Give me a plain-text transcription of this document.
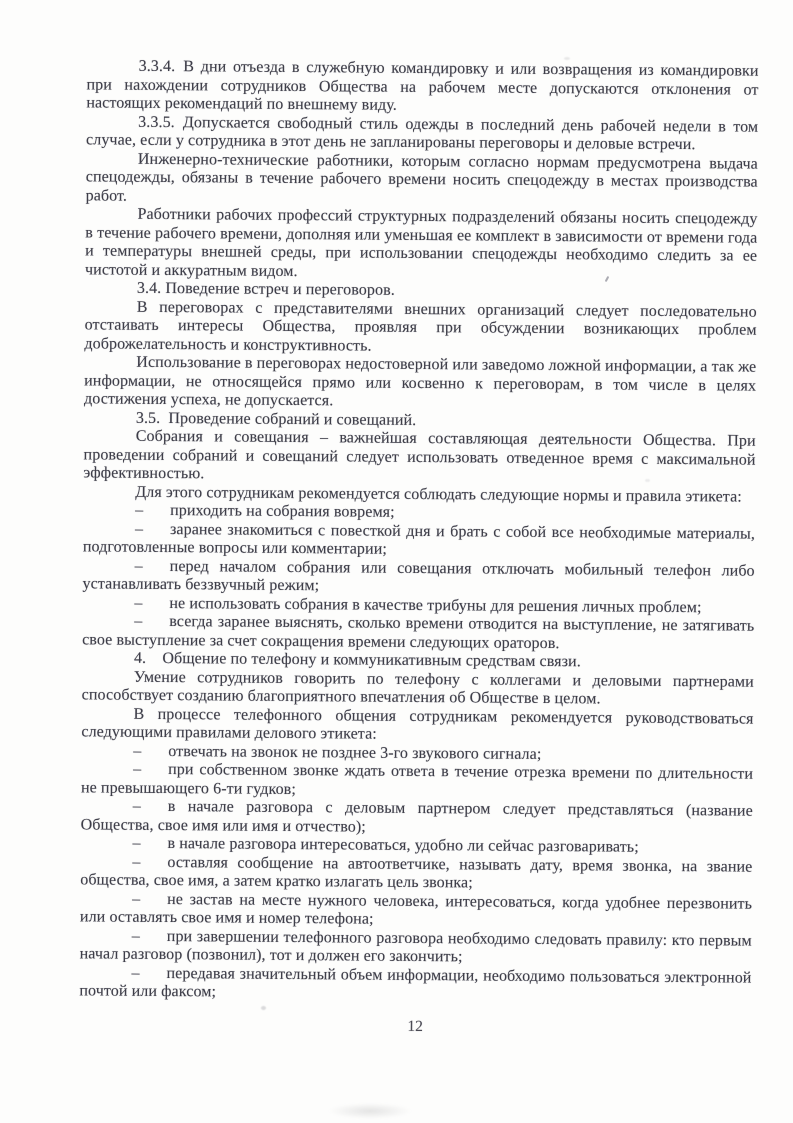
3.3.4. В дни отъезда в служебную командировку и или возвращения из командировки при нахождении сотрудников Общества на рабочем месте допускаются отклонения от настоящих рекомендаций по внешнему виду.

3.3.5. Допускается свободный стиль одежды в последний день рабочей недели в том случае, если у сотрудника в этот день не запланированы переговоры и деловые встречи.

Инженерно-технические работники, которым согласно нормам предусмотрена выдача спецодежды, обязаны в течение рабочего времени носить спецодежду в местах производства работ.

Работники рабочих профессий структурных подразделений обязаны носить спецодежду в течение рабочего времени, дополняя или уменьшая ее комплект в зависимости от времени года и температуры внешней среды, при использовании спецодежды необходимо следить за ее чистотой и аккуратным видом.

3.4. Поведение встреч и переговоров.

В переговорах с представителями внешних организаций следует последовательно отстаивать интересы Общества, проявляя при обсуждении возникающих проблем доброжелательность и конструктивность.

Использование в переговорах недостоверной или заведомо ложной информации, а так же информации, не относящейся прямо или косвенно к переговорам, в том числе в целях достижения успеха, не допускается.

3.5. Проведение собраний и совещаний.

Собрания и совещания – важнейшая составляющая деятельности Общества. При проведении собраний и совещаний следует использовать отведенное время с максимальной эффективностью.

Для этого сотрудникам рекомендуется соблюдать следующие нормы и правила этикета:

– приходить на собрания вовремя;

– заранее знакомиться с повесткой дня и брать с собой все необходимые материалы, подготовленные вопросы или комментарии;

– перед началом собрания или совещания отключать мобильный телефон либо устанавливать беззвучный режим;

– не использовать собрания в качестве трибуны для решения личных проблем;

– всегда заранее выяснять, сколько времени отводится на выступление, не затягивать свое выступление за счет сокращения времени следующих ораторов.

4.  Общение по телефону и коммуникативным средствам связи.

Умение сотрудников говорить по телефону с коллегами и деловыми партнерами способствует созданию благоприятного впечатления об Обществе в целом.

В процессе телефонного общения сотрудникам рекомендуется руководствоваться следующими правилами делового этикета:

– отвечать на звонок не позднее 3-го звукового сигнала;

– при собственном звонке ждать ответа в течение отрезка времени по длительности не превышающего 6-ти гудков;

– в начале разговора с деловым партнером следует представляться (название Общества, свое имя или имя и отчество);

– в начале разговора интересоваться, удобно ли сейчас разговаривать;

– оставляя сообщение на автоответчике, называть дату, время звонка, на звание общества, свое имя, а затем кратко излагать цель звонка;

– не застав на месте нужного человека, интересоваться, когда удобнее перезвонить или оставлять свое имя и номер телефона;

– при завершении телефонного разговора необходимо следовать правилу: кто первым начал разговор (позвонил), тот и должен его закончить;

– передавая значительный объем информации, необходимо пользоваться электронной почтой или факсом;

12
